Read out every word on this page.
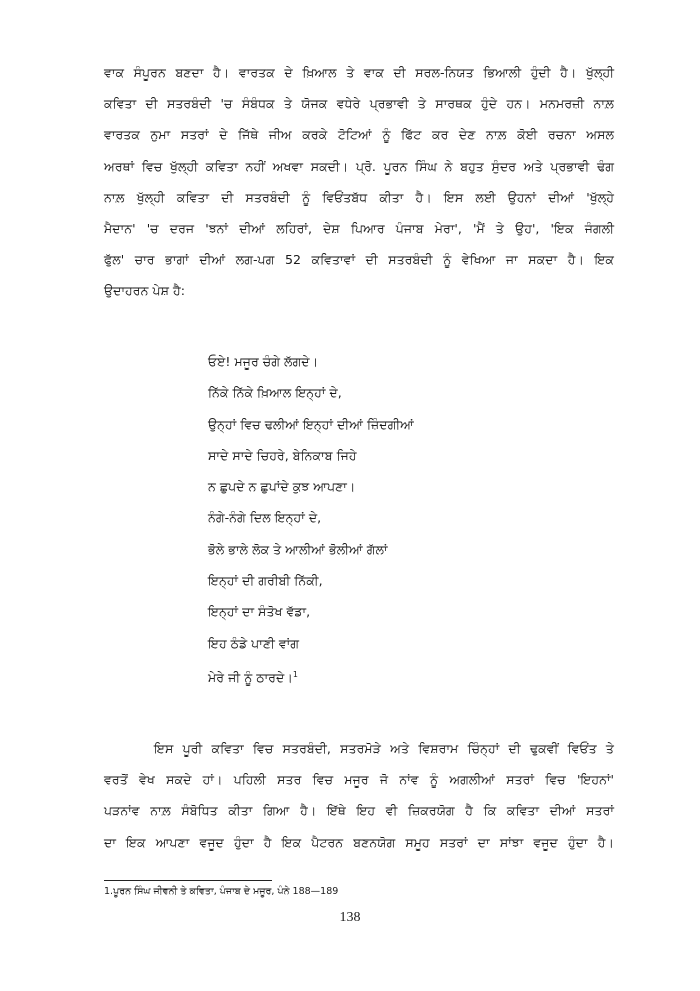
ਵਾਕ ਸੰਪੂਰਨ ਬਣਦਾ ਹੈ। ਵਾਰਤਕ ਦੇ ਖ਼ਿਆਲ ਤੇ ਵਾਕ ਦੀ ਸਰਲ-ਨਿਯਤ ਭਿਆਲੀ ਹੁੰਦੀ ਹੈ। ਖੁੱਲ੍ਹੀ
ਕਵਿਤਾ ਦੀ ਸਤਰਬੰਦੀ 'ਚ ਸੰਬੰਧਕ ਤੇ ਯੋਜਕ ਵਧੇਰੇ ਪ੍ਰਭਾਵੀ ਤੇ ਸਾਰਥਕ ਹੁੰਦੇ ਹਨ। ਮਨਮਰਜ਼ੀ ਨਾਲ਼
ਵਾਰਤਕ ਨੁਮਾ ਸਤਰਾਂ ਦੇ ਜਿੱਥੇ ਜੀਅ ਕਰਕੇ ਟੋਟਿਆਂ ਨੂੰ ਫਿੱਟ ਕਰ ਦੇਣ ਨਾਲ਼ ਕੋਈ ਰਚਨਾ ਅਸਲ
ਅਰਥਾਂ ਵਿਚ ਖੁੱਲ੍ਹੀ ਕਵਿਤਾ ਨਹੀਂ ਅਖਵਾ ਸਕਦੀ। ਪ੍ਰੋ. ਪੂਰਨ ਸਿੰਘ ਨੇ ਬਹੁਤ ਸੁੰਦਰ ਅਤੇ ਪ੍ਰਭਾਵੀ ਢੰਗ
ਨਾਲ਼ ਖੁੱਲ੍ਹੀ ਕਵਿਤਾ ਦੀ ਸਤਰਬੰਦੀ ਨੂੰ ਵਿਓਂਤਬੱਧ ਕੀਤਾ ਹੈ। ਇਸ ਲਈ ਉਹਨਾਂ ਦੀਆਂ 'ਖੁੱਲ੍ਹੇ
ਮੈਦਾਨ' 'ਚ ਦਰਜ 'ਝਨਾਂ ਦੀਆਂ ਲਹਿਰਾਂ, ਦੇਸ਼ ਪਿਆਰ ਪੰਜਾਬ ਮੇਰਾ', 'ਮੈਂ ਤੇ ਉਹ', 'ਇਕ ਜੰਗਲੀ
ਫੁੱਲ' ਚਾਰ ਭਾਗਾਂ ਦੀਆਂ ਲਗ-ਪਗ 52 ਕਵਿਤਾਵਾਂ ਦੀ ਸਤਰਬੰਦੀ ਨੂੰ ਵੇਖਿਆ ਜਾ ਸਕਦਾ ਹੈ। ਇਕ
ਉਦਾਹਰਨ ਪੇਸ਼ ਹੈ:
ਓਏ! ਮਜੂਰ ਚੰਗੇ ਲੱਗਦੇ।
ਨਿੱਕੇ ਨਿੱਕੇ ਖ਼ਿਆਲ ਇਨ੍ਹਾਂ ਦੇ,
ਉਨ੍ਹਾਂ ਵਿਚ ਢਲੀਆਂ ਇਨ੍ਹਾਂ ਦੀਆਂ ਜ਼ਿੰਦਗੀਆਂ
ਸਾਦੇ ਸਾਦੇ ਚਿਹਰੇ, ਬੇਨਿਕਾਬ ਜਿਹੇ
ਨ ਛੁਪਦੇ ਨ ਛੁਪਾਂਦੇ ਕੁਝ ਆਪਣਾ।
ਨੰਗੇ-ਨੰਗੇ ਦਿਲ ਇਨ੍ਹਾਂ ਦੇ,
ਭੋਲੇ ਭਾਲੇ ਲੋਕ ਤੇ ਆਲੀਆਂ ਭੋਲੀਆਂ ਗੱਲਾਂ
ਇਨ੍ਹਾਂ ਦੀ ਗਰੀਬੀ ਨਿੱਕੀ,
ਇਨ੍ਹਾਂ ਦਾ ਸੰਤੋਖ ਵੱਡਾ,
ਇਹ ਠੰਡੇ ਪਾਣੀ ਵਾਂਗ
ਮੇਰੇ ਜੀ ਨੂੰ ਠਾਰਦੇ।$^1$
ਇਸ ਪੂਰੀ ਕਵਿਤਾ ਵਿਚ ਸਤਰਬੰਦੀ, ਸਤਰਮੋੜੇ ਅਤੇ ਵਿਸ਼ਰਾਮ ਚਿੰਨ੍ਹਾਂ ਦੀ ਢੁਕਵੀਂ ਵਿਓਂਤ ਤੇ
ਵਰਤੋਂ ਵੇਖ ਸਕਦੇ ਹਾਂ। ਪਹਿਲੀ ਸਤਰ ਵਿਚ ਮਜੂਰ ਜੋ ਨਾਂਵ ਨੂੰ ਅਗਲੀਆਂ ਸਤਰਾਂ ਵਿਚ 'ਇਹਨਾਂ'
ਪੜਨਾਂਵ ਨਾਲ਼ ਸੰਬੋਧਿਤ ਕੀਤਾ ਗਿਆ ਹੈ। ਇੱਥੇ ਇਹ ਵੀ ਜ਼ਿਕਰਯੋਗ ਹੈ ਕਿ ਕਵਿਤਾ ਦੀਆਂ ਸਤਰਾਂ
ਦਾ ਇਕ ਆਪਣਾ ਵਜੂਦ ਹੁੰਦਾ ਹੈ ਇਕ ਪੈਟਰਨ ਬਣਨਯੋਗ ਸਮੂਹ ਸਤਰਾਂ ਦਾ ਸਾਂਝਾ ਵਜੂਦ ਹੁੰਦਾ ਹੈ।
1.ਪੂਰਨ ਸਿੰਘ ਜੀਵਨੀ ਤੇ ਕਵਿਤਾ, ਪੰਜਾਬ ਦੇ ਮਜੂਰ, ਪੰਨੇ 188—189
138
